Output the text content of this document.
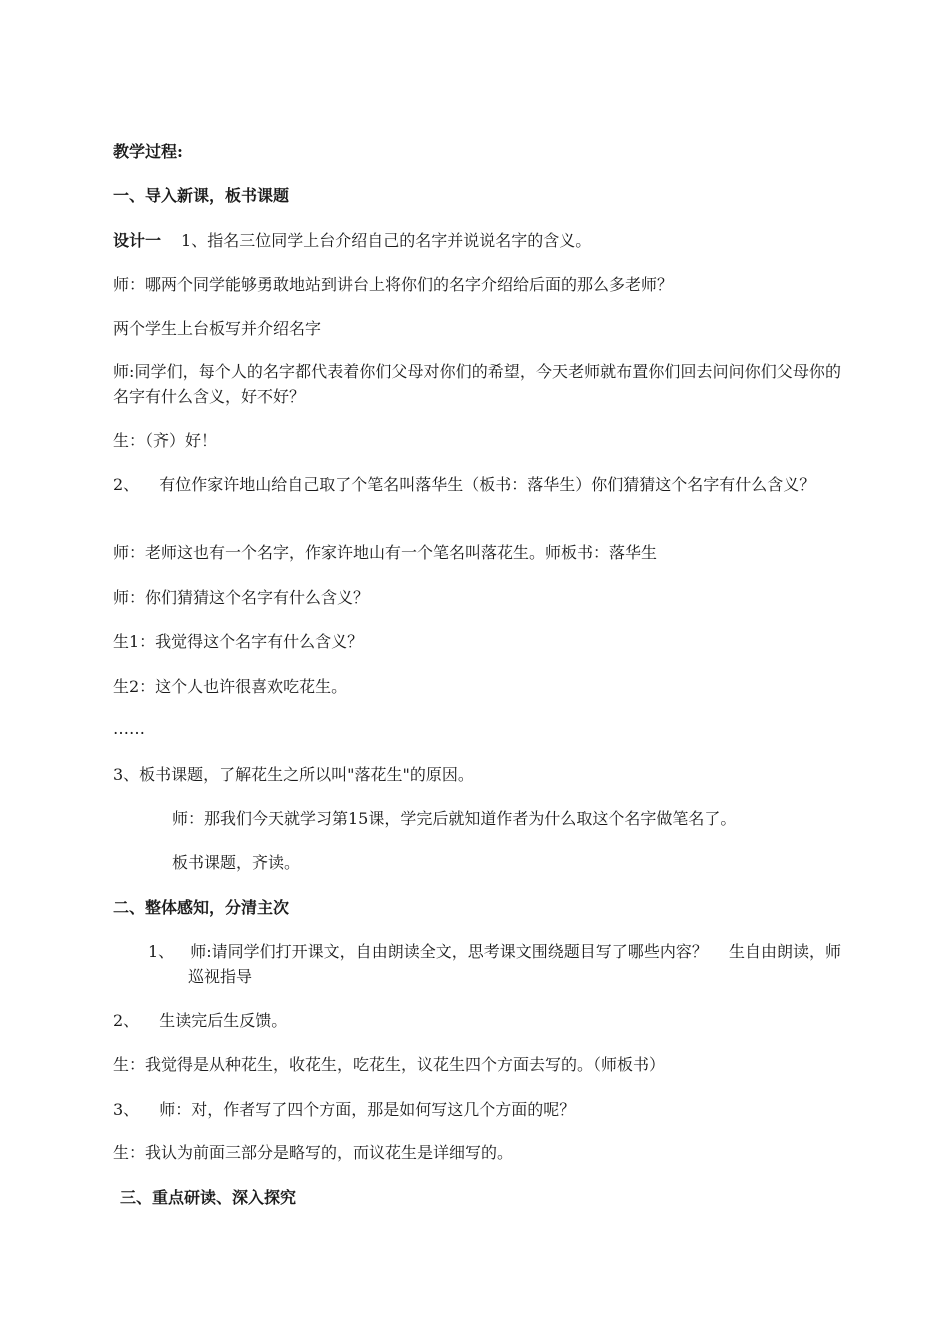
教学过程:
一、导入新课，板书课题
设计一 1、指名三位同学上台介绍自己的名字并说说名字的含义。
师：哪两个同学能够勇敢地站到讲台上将你们的名字介绍给后面的那么多老师？
两个学生上台板写并介绍名字
师:同学们，每个人的名字都代表着你们父母对你们的希望，今天老师就布置你们回去问问你们父母你的名字有什么含义，好不好？
生：（齐）好！
2、 有位作家许地山给自己取了个笔名叫落华生（板书：落华生）你们猜猜这个名字有什么含义？
师：老师这也有一个名字，作家许地山有一个笔名叫落花生。师板书：落华生
师：你们猜猜这个名字有什么含义？
生1：我觉得这个名字有什么含义？
生2：这个人也许很喜欢吃花生。
……
3、板书课题，了解花生之所以叫"落花生"的原因。
师：那我们今天就学习第15课，学完后就知道作者为什么取这个名字做笔名了。
板书课题，齐读。
二、整体感知，分清主次
1、 师:请同学们打开课文，自由朗读全文，思考课文围绕题目写了哪些内容？　 生自由朗读，师巡视指导
2、 生读完后生反馈。
生：我觉得是从种花生，收花生，吃花生，议花生四个方面去写的。（师板书）
3、 师：对，作者写了四个方面，那是如何写这几个方面的呢？
生：我认为前面三部分是略写的，而议花生是详细写的。
三、重点研读、深入探究
